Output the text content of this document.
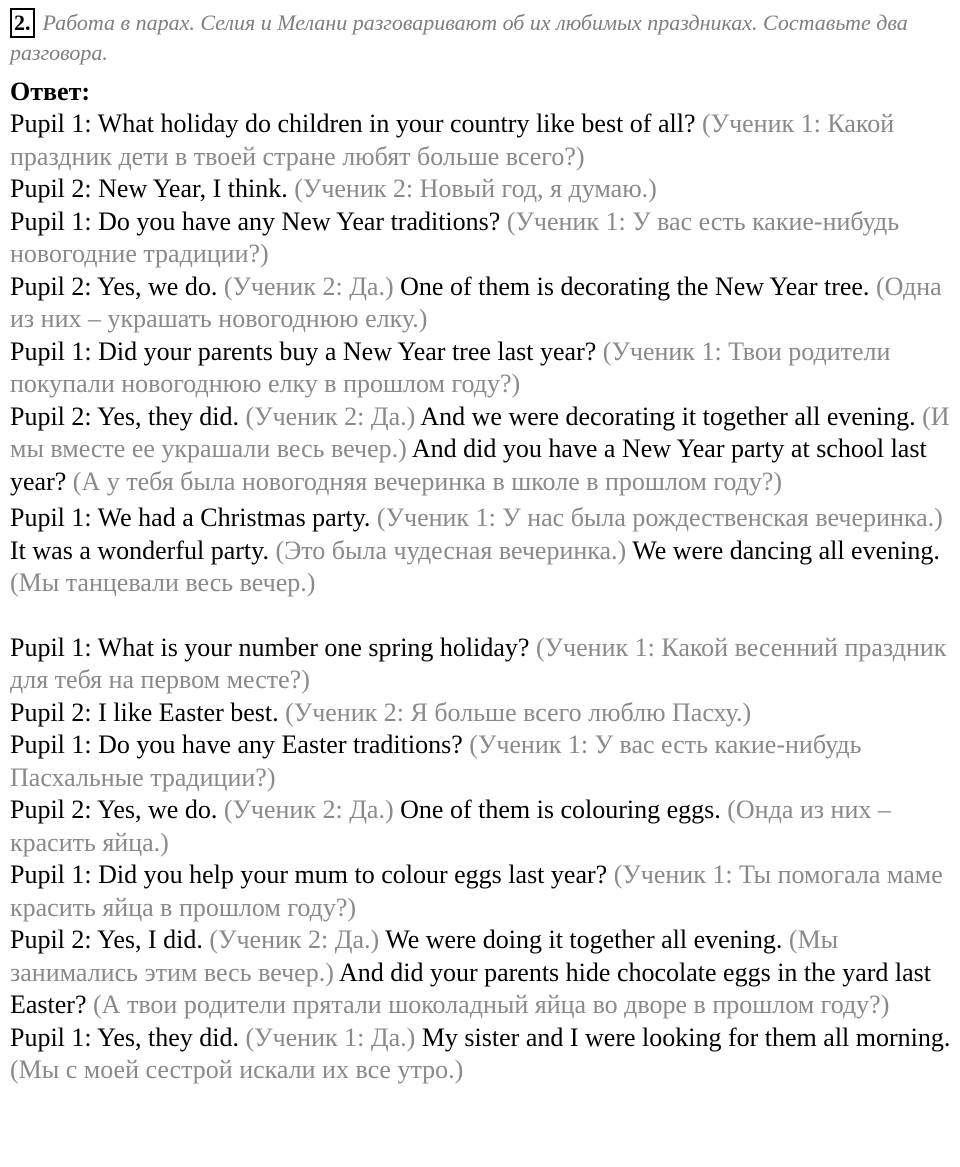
2. Работа в парах. Селия и Мелани разговаривают об их любимых праздниках. Составьте два разговора.
Ответ:

Pupil 1: What holiday do children in your country like best of all? (Ученик 1: Какой праздник дети в твоей стране любят больше всего?)

Pupil 2: New Year, I think. (Ученик 2: Новый год, я думаю.)

Pupil 1: Do you have any New Year traditions? (Ученик 1: У вас есть какие-нибудь новогодние традиции?)

Pupil 2: Yes, we do. (Ученик 2: Да.) One of them is decorating the New Year tree. (Одна из них – украшать новогоднюю елку.)

Pupil 1: Did your parents buy a New Year tree last year? (Ученик 1: Твои родители покупали новогоднюю елку в прошлом году?)

Pupil 2: Yes, they did. (Ученик 2: Да.) And we were decorating it together all evening. (И мы вместе ее украшали весь вечер.) And did you have a New Year party at school last year? (А у тебя была новогодняя вечеринка в школе в прошлом году?)

Pupil 1: We had a Christmas party. (Ученик 1: У нас была рождественская вечеринка.) It was a wonderful party. (Это была чудесная вечеринка.) We were dancing all evening. (Мы танцевали весь вечер.)

Pupil 1: What is your number one spring holiday? (Ученик 1: Какой весенний праздник для тебя на первом месте?)

Pupil 2: I like Easter best. (Ученик 2: Я больше всего люблю Пасху.)

Pupil 1: Do you have any Easter traditions? (Ученик 1: У вас есть какие-нибудь Пасхальные традиции?)

Pupil 2: Yes, we do. (Ученик 2: Да.) One of them is colouring eggs. (Онда из них – красить яйца.)

Pupil 1: Did you help your mum to colour eggs last year? (Ученик 1: Ты помогала маме красить яйца в прошлом году?)

Pupil 2: Yes, I did. (Ученик 2: Да.) We were doing it together all evening. (Мы занимались этим весь вечер.) And did your parents hide chocolate eggs in the yard last Easter? (А твои родители прятали шоколадный яйца во дворе в прошлом году?)

Pupil 1: Yes, they did. (Ученик 1: Да.) My sister and I were looking for them all morning. (Мы с моей сестрой искали их все утро.)
